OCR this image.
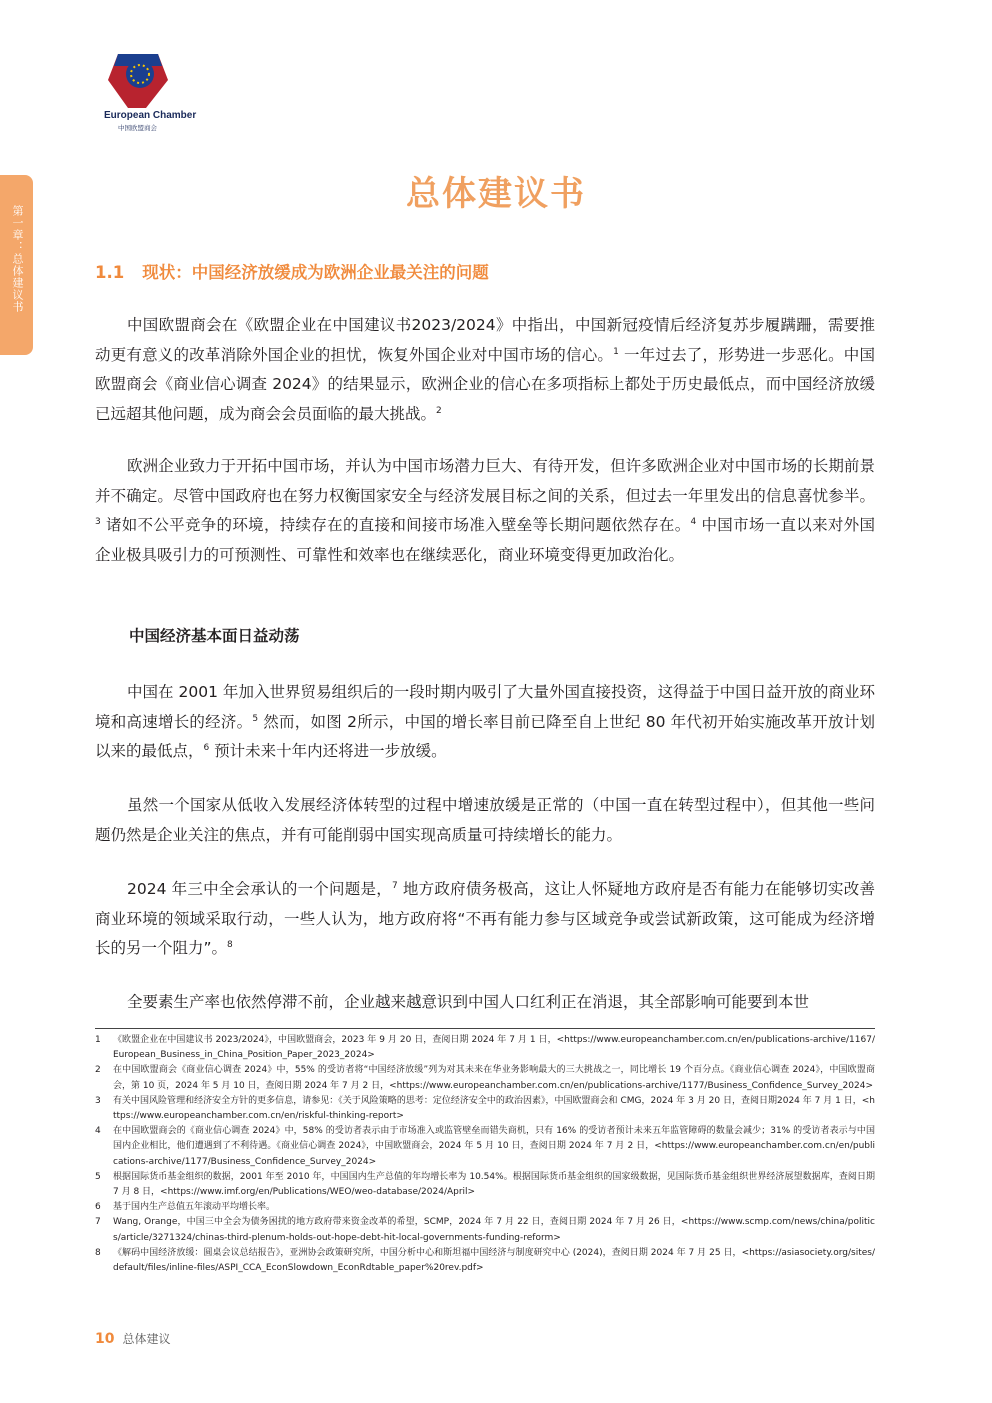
European Chamber
中国欧盟商会
第一章：总体建议书
总体建议书
1.1 现状：中国经济放缓成为欧洲企业最关注的问题
中国欧盟商会在《欧盟企业在中国建议书2023/2024》中指出，中国新冠疫情后经济复苏步履蹒跚，需要推动更有意义的改革消除外国企业的担忧，恢复外国企业对中国市场的信心。$^1$ 一年过去了，形势进一步恶化。中国欧盟商会《商业信心调查 2024》的结果显示，欧洲企业的信心在多项指标上都处于历史最低点，而中国经济放缓已远超其他问题，成为商会会员面临的最大挑战。$^2$
欧洲企业致力于开拓中国市场，并认为中国市场潜力巨大、有待开发，但许多欧洲企业对中国市场的长期前景并不确定。尽管中国政府也在努力权衡国家安全与经济发展目标之间的关系，但过去一年里发出的信息喜忧参半。$^3$ 诸如不公平竞争的环境，持续存在的直接和间接市场准入壁垒等长期问题依然存在。$^4$ 中国市场一直以来对外国企业极具吸引力的可预测性、可靠性和效率也在继续恶化，商业环境变得更加政治化。
中国经济基本面日益动荡
中国在 2001 年加入世界贸易组织后的一段时期内吸引了大量外国直接投资，这得益于中国日益开放的商业环境和高速增长的经济。$^5$ 然而，如图 2所示，中国的增长率目前已降至自上世纪 80 年代初开始实施改革开放计划以来的最低点，$^6$ 预计未来十年内还将进一步放缓。
虽然一个国家从低收入发展经济体转型的过程中增速放缓是正常的（中国一直在转型过程中），但其他一些问题仍然是企业关注的焦点，并有可能削弱中国实现高质量可持续增长的能力。
2024 年三中全会承认的一个问题是，$^7$ 地方政府债务极高，这让人怀疑地方政府是否有能力在能够切实改善商业环境的领域采取行动，一些人认为，地方政府将“不再有能力参与区域竞争或尝试新政策，这可能成为经济增长的另一个阻力”。$^8$
全要素生产率也依然停滞不前，企业越来越意识到中国人口红利正在消退，其全部影响可能要到本世
1	《欧盟企业在中国建议书 2023/2024》，中国欧盟商会，2023 年 9 月 20 日，查阅日期 2024 年 7 月 1 日，<https://www.europeanchamber.com.cn/en/publications-archive/1167/European_Business_in_China_Position_Paper_2023_2024>
2	在中国欧盟商会《商业信心调查 2024》中，55% 的受访者将“中国经济放缓”列为对其未来在华业务影响最大的三大挑战之一，同比增长 19 个百分点。《商业信心调查 2024》，中国欧盟商会，第 10 页，2024 年 5 月 10 日，查阅日期 2024 年 7 月 2 日，<https://www.europeanchamber.com.cn/en/publications-archive/1177/Business_Confidence_Survey_2024>
3	有关中国风险管理和经济安全方针的更多信息，请参见：《关于风险策略的思考：定位经济安全中的政治因素》，中国欧盟商会和 CMG，2024 年 3 月 20 日，查阅日期2024 年 7 月 1 日，<https://www.europeanchamber.com.cn/en/riskful-thinking-report>
4	在中国欧盟商会的《商业信心调查 2024》中，58% 的受访者表示由于市场准入或监管壁垒而错失商机，只有 16% 的受访者预计未来五年监管障碍的数量会减少；31% 的受访者表示与中国国内企业相比，他们遭遇到了不利待遇。《商业信心调查 2024》，中国欧盟商会，2024 年 5 月 10 日，查阅日期 2024 年 7 月 2 日，<https://www.europeanchamber.com.cn/en/publications-archive/1177/Business_Confidence_Survey_2024>
5	根据国际货币基金组织的数据，2001 年至 2010 年，中国国内生产总值的年均增长率为 10.54%。根据国际货币基金组织的国家级数据，见国际货币基金组织世界经济展望数据库，查阅日期 7 月 8 日，<https://www.imf.org/en/Publications/WEO/weo-database/2024/April>
6	基于国内生产总值五年滚动平均增长率。
7	Wang, Orange，中国三中全会为债务困扰的地方政府带来资金改革的希望，SCMP，2024 年 7 月 22 日，查阅日期 2024 年 7 月 26 日，<https://www.scmp.com/news/china/politics/article/3271324/chinas-third-plenum-holds-out-hope-debt-hit-local-governments-funding-reform>
8	《解码中国经济放缓：圆桌会议总结报告》，亚洲协会政策研究所，中国分析中心和斯坦福中国经济与制度研究中心 (2024)，查阅日期 2024 年 7 月 25 日，<https://asiasociety.org/sites/default/files/inline-files/ASPI_CCA_EconSlowdown_EconRdtable_paper%20rev.pdf>
10 总体建议
